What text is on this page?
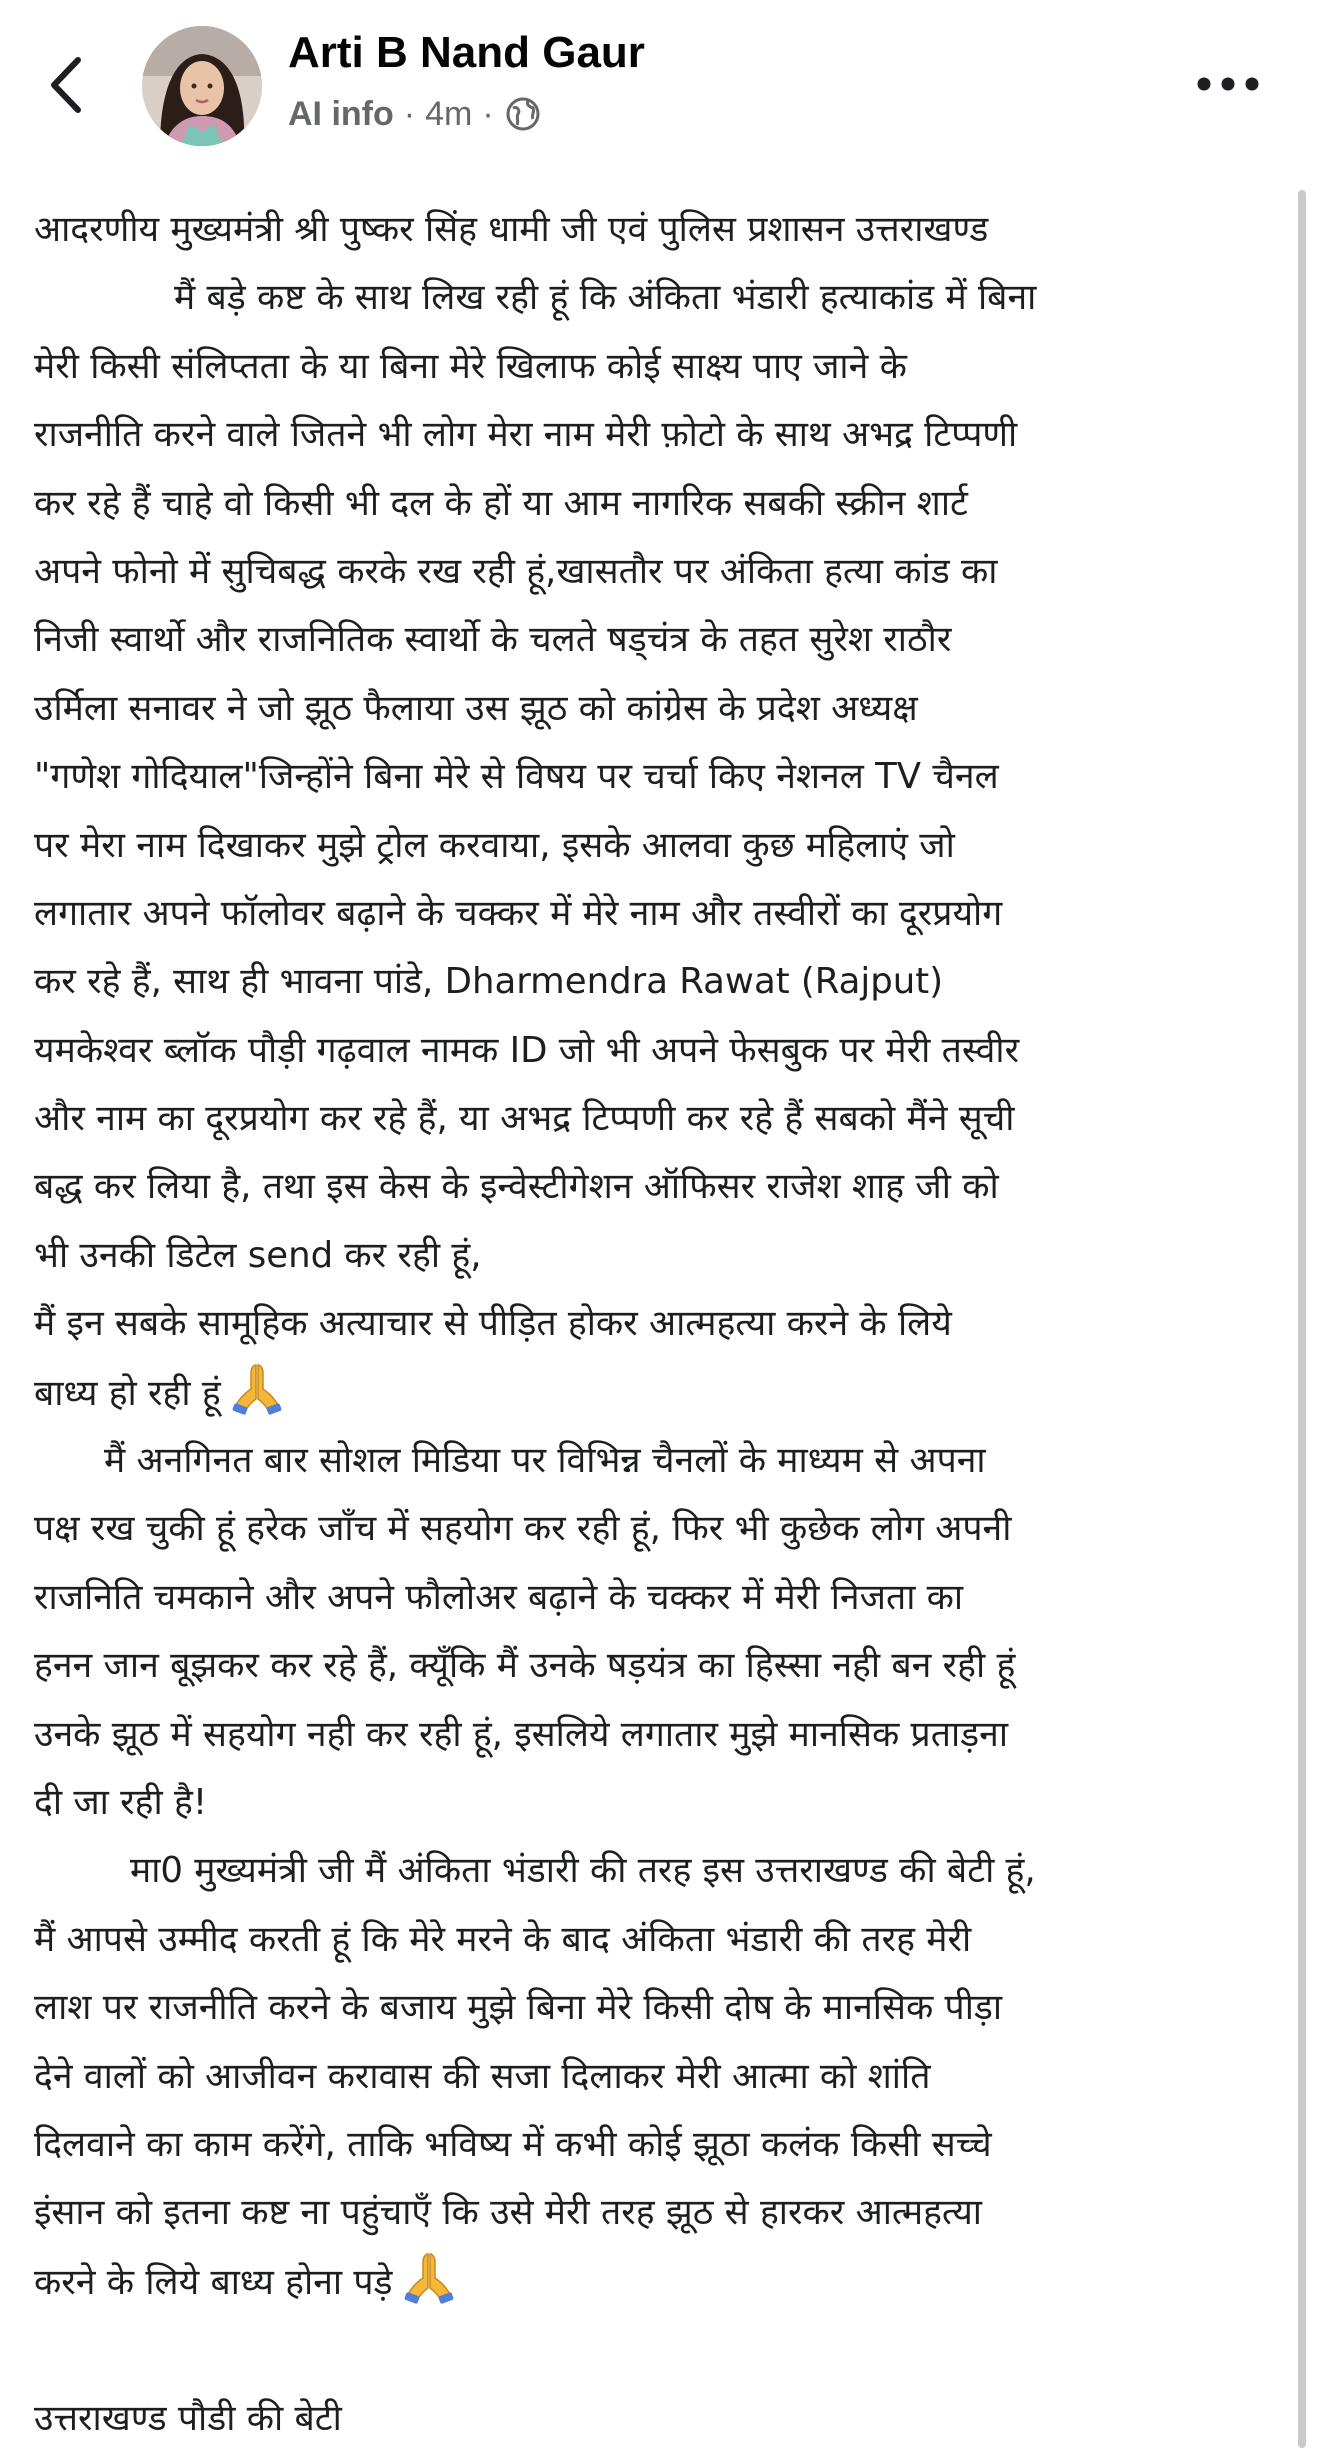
Arti B Nand Gaur
AI info · 4m ·
आदरणीय मुख्यमंत्री श्री पुष्कर सिंह धामी जी एवं पुलिस प्रशासन उत्तराखण्ड
मैं बड़े कष्ट के साथ लिख रही हूं कि अंकिता भंडारी हत्याकांड में बिना
मेरी किसी संलिप्तता के या बिना मेरे खिलाफ कोई साक्ष्य पाए जाने के
राजनीति करने वाले जितने भी लोग मेरा नाम मेरी फ़ोटो के साथ अभद्र टिप्पणी
कर रहे हैं चाहे वो किसी भी दल के हों या आम नागरिक सबकी स्क्रीन शार्ट
अपने फोनो में सुचिबद्ध करके रख रही हूं,खासतौर पर अंकिता हत्या कांड का
निजी स्वार्थो और राजनितिक स्वार्थो के चलते षड्चंत्र के तहत सुरेश राठौर
उर्मिला सनावर ने जो झूठ फैलाया उस झूठ को कांग्रेस के प्रदेश अध्यक्ष
"गणेश गोदियाल"जिन्होंने बिना मेरे से विषय पर चर्चा किए नेशनल TV चैनल
पर मेरा नाम दिखाकर मुझे ट्रोल करवाया, इसके आलवा कुछ महिलाएं जो
लगातार अपने फॉलोवर बढ़ाने के चक्कर में मेरे नाम और तस्वीरों का दूरप्रयोग
कर रहे हैं, साथ ही भावना पांडे, Dharmendra Rawat (Rajput)
यमकेश्वर ब्लॉक पौड़ी गढ़वाल नामक ID जो भी अपने फेसबुक पर मेरी तस्वीर
और नाम का दूरप्रयोग कर रहे हैं, या अभद्र टिप्पणी कर रहे हैं सबको मैंने सूची
बद्ध कर लिया है, तथा इस केस के इन्वेस्टीगेशन ऑफिसर राजेश शाह जी को
भी उनकी डिटेल send कर रही हूं,
मैं इन सबके सामूहिक अत्याचार से पीड़ित होकर आत्महत्या करने के लिये
बाध्य हो रही हूं
मैं अनगिनत बार सोशल मिडिया पर विभिन्न चैनलों के माध्यम से अपना
पक्ष रख चुकी हूं हरेक जाँच में सहयोग कर रही हूं, फिर भी कुछेक लोग अपनी
राजनिति चमकाने और अपने फौलोअर बढ़ाने के चक्कर में मेरी निजता का
हनन जान बूझकर कर रहे हैं, क्यूँकि मैं उनके षड़यंत्र का हिस्सा नही बन रही हूं
उनके झूठ में सहयोग नही कर रही हूं, इसलिये लगातार मुझे मानसिक प्रताड़ना
दी जा रही है!
मा0 मुख्यमंत्री जी मैं अंकिता भंडारी की तरह इस उत्तराखण्ड की बेटी हूं,
मैं आपसे उम्मीद करती हूं कि मेरे मरने के बाद अंकिता भंडारी की तरह मेरी
लाश पर राजनीति करने के बजाय मुझे बिना मेरे किसी दोष के मानसिक पीड़ा
देने वालों को आजीवन करावास की सजा दिलाकर मेरी आत्मा को शांति
दिलवाने का काम करेंगे, ताकि भविष्य में कभी कोई झूठा कलंक किसी सच्चे
इंसान को इतना कष्ट ना पहुंचाएँ कि उसे मेरी तरह झूठ से हारकर आत्महत्या
करने के लिये बाध्य होना पड़े
उत्तराखण्ड पौडी की बेटी
